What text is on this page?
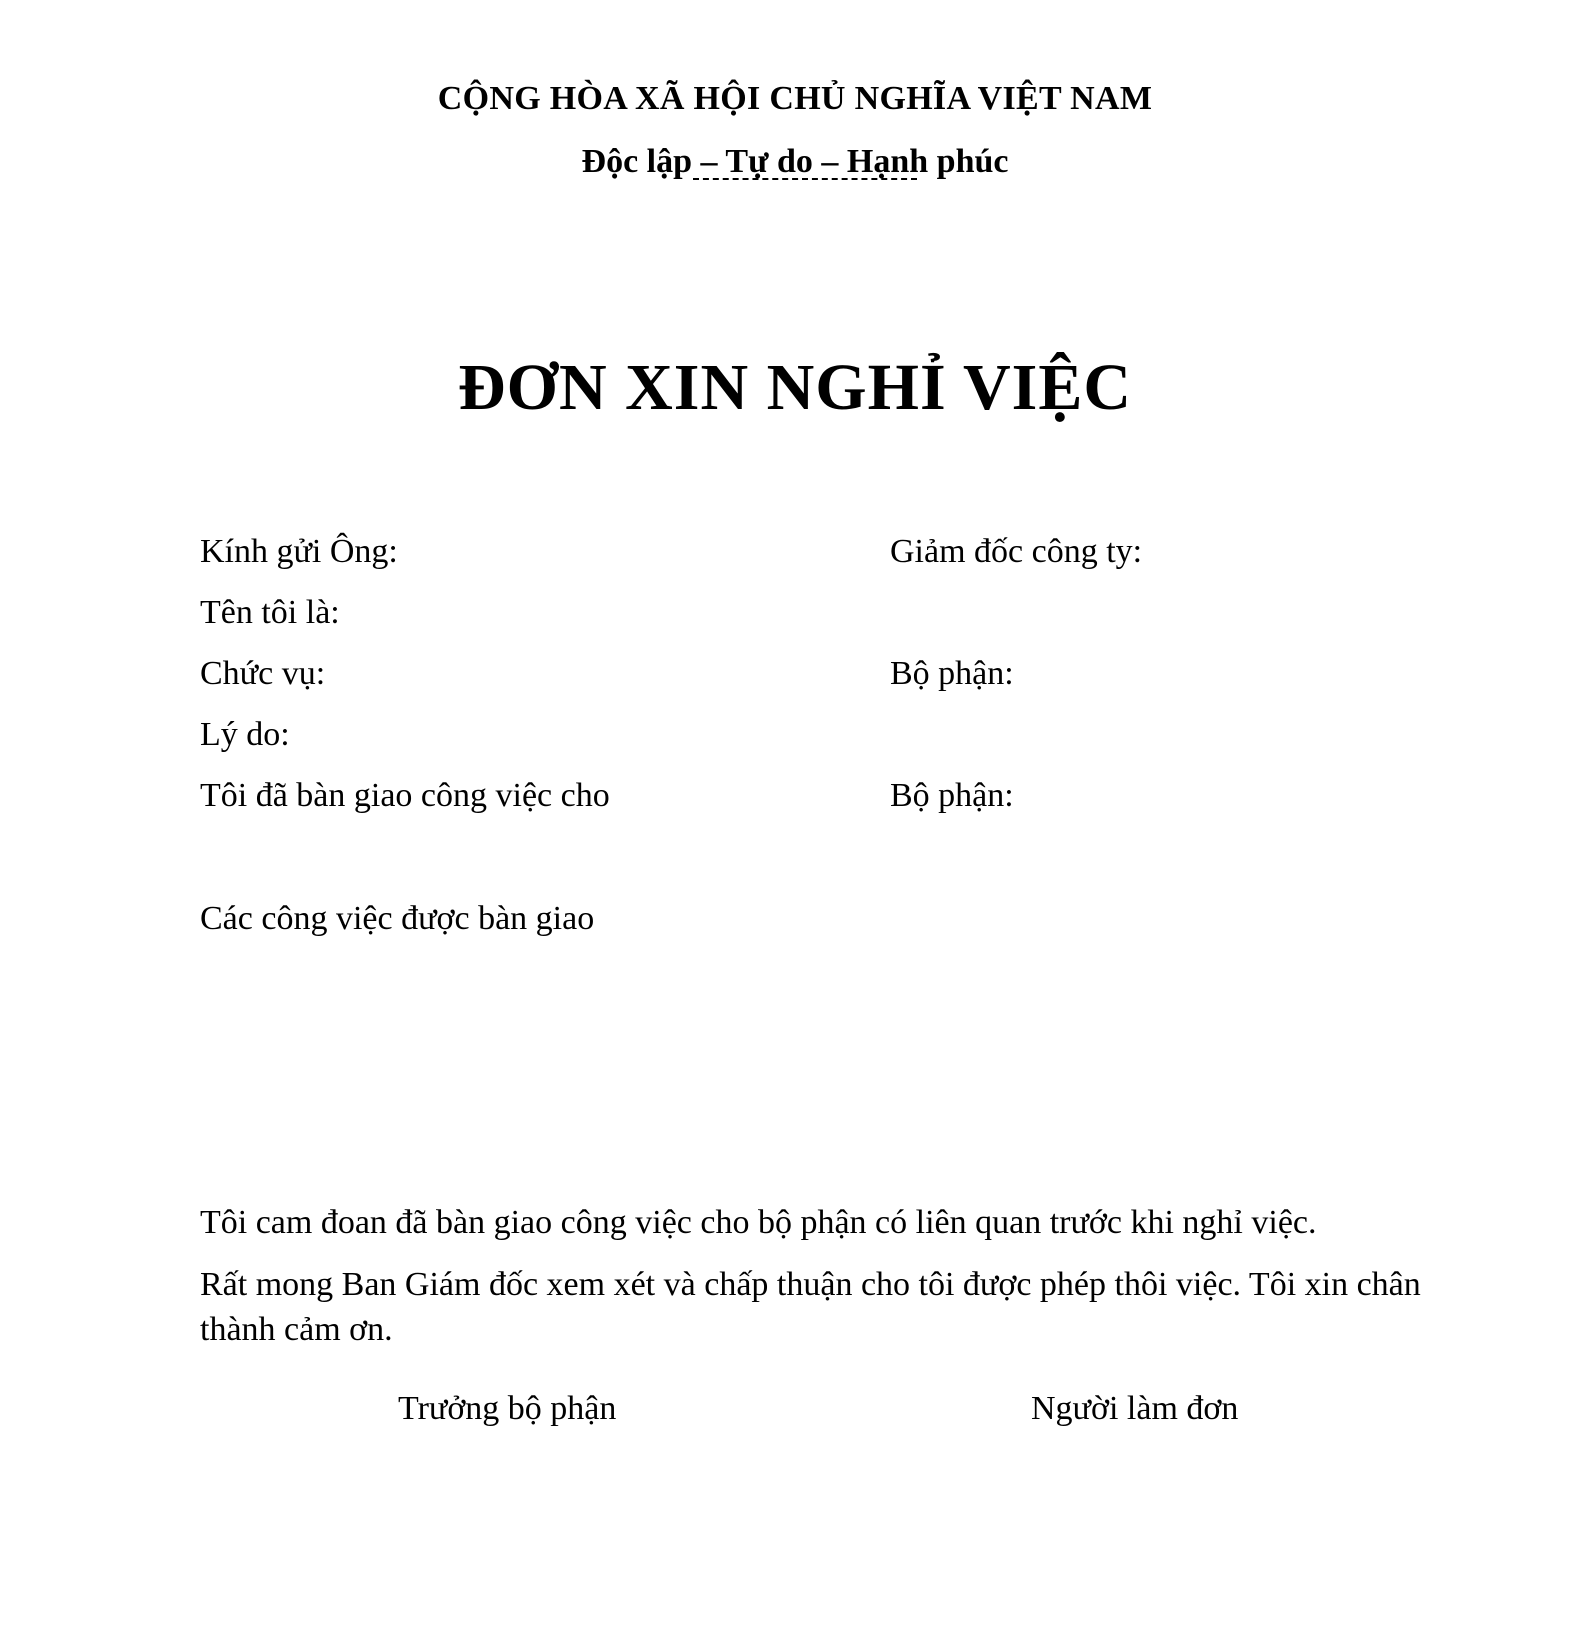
CỘNG HÒA XÃ HỘI CHỦ NGHĨA VIỆT NAM
Độc lập – Tự do – Hạnh phúc
ĐƠN XIN NGHỈ VIỆC
Kính gửi Ông:	Giảm đốc công ty:
Tên tôi là:
Chức vụ:	Bộ phận:
Lý do:
Tôi đã bàn giao công việc cho	Bộ phận:
Các công việc được bàn giao
Tôi cam đoan đã bàn giao công việc cho bộ phận có liên quan trước khi nghỉ việc.
Rất mong Ban Giám đốc xem xét và chấp thuận cho tôi được phép thôi việc. Tôi xin chân thành cảm ơn.
Trưởng bộ phận	Người làm đơn
